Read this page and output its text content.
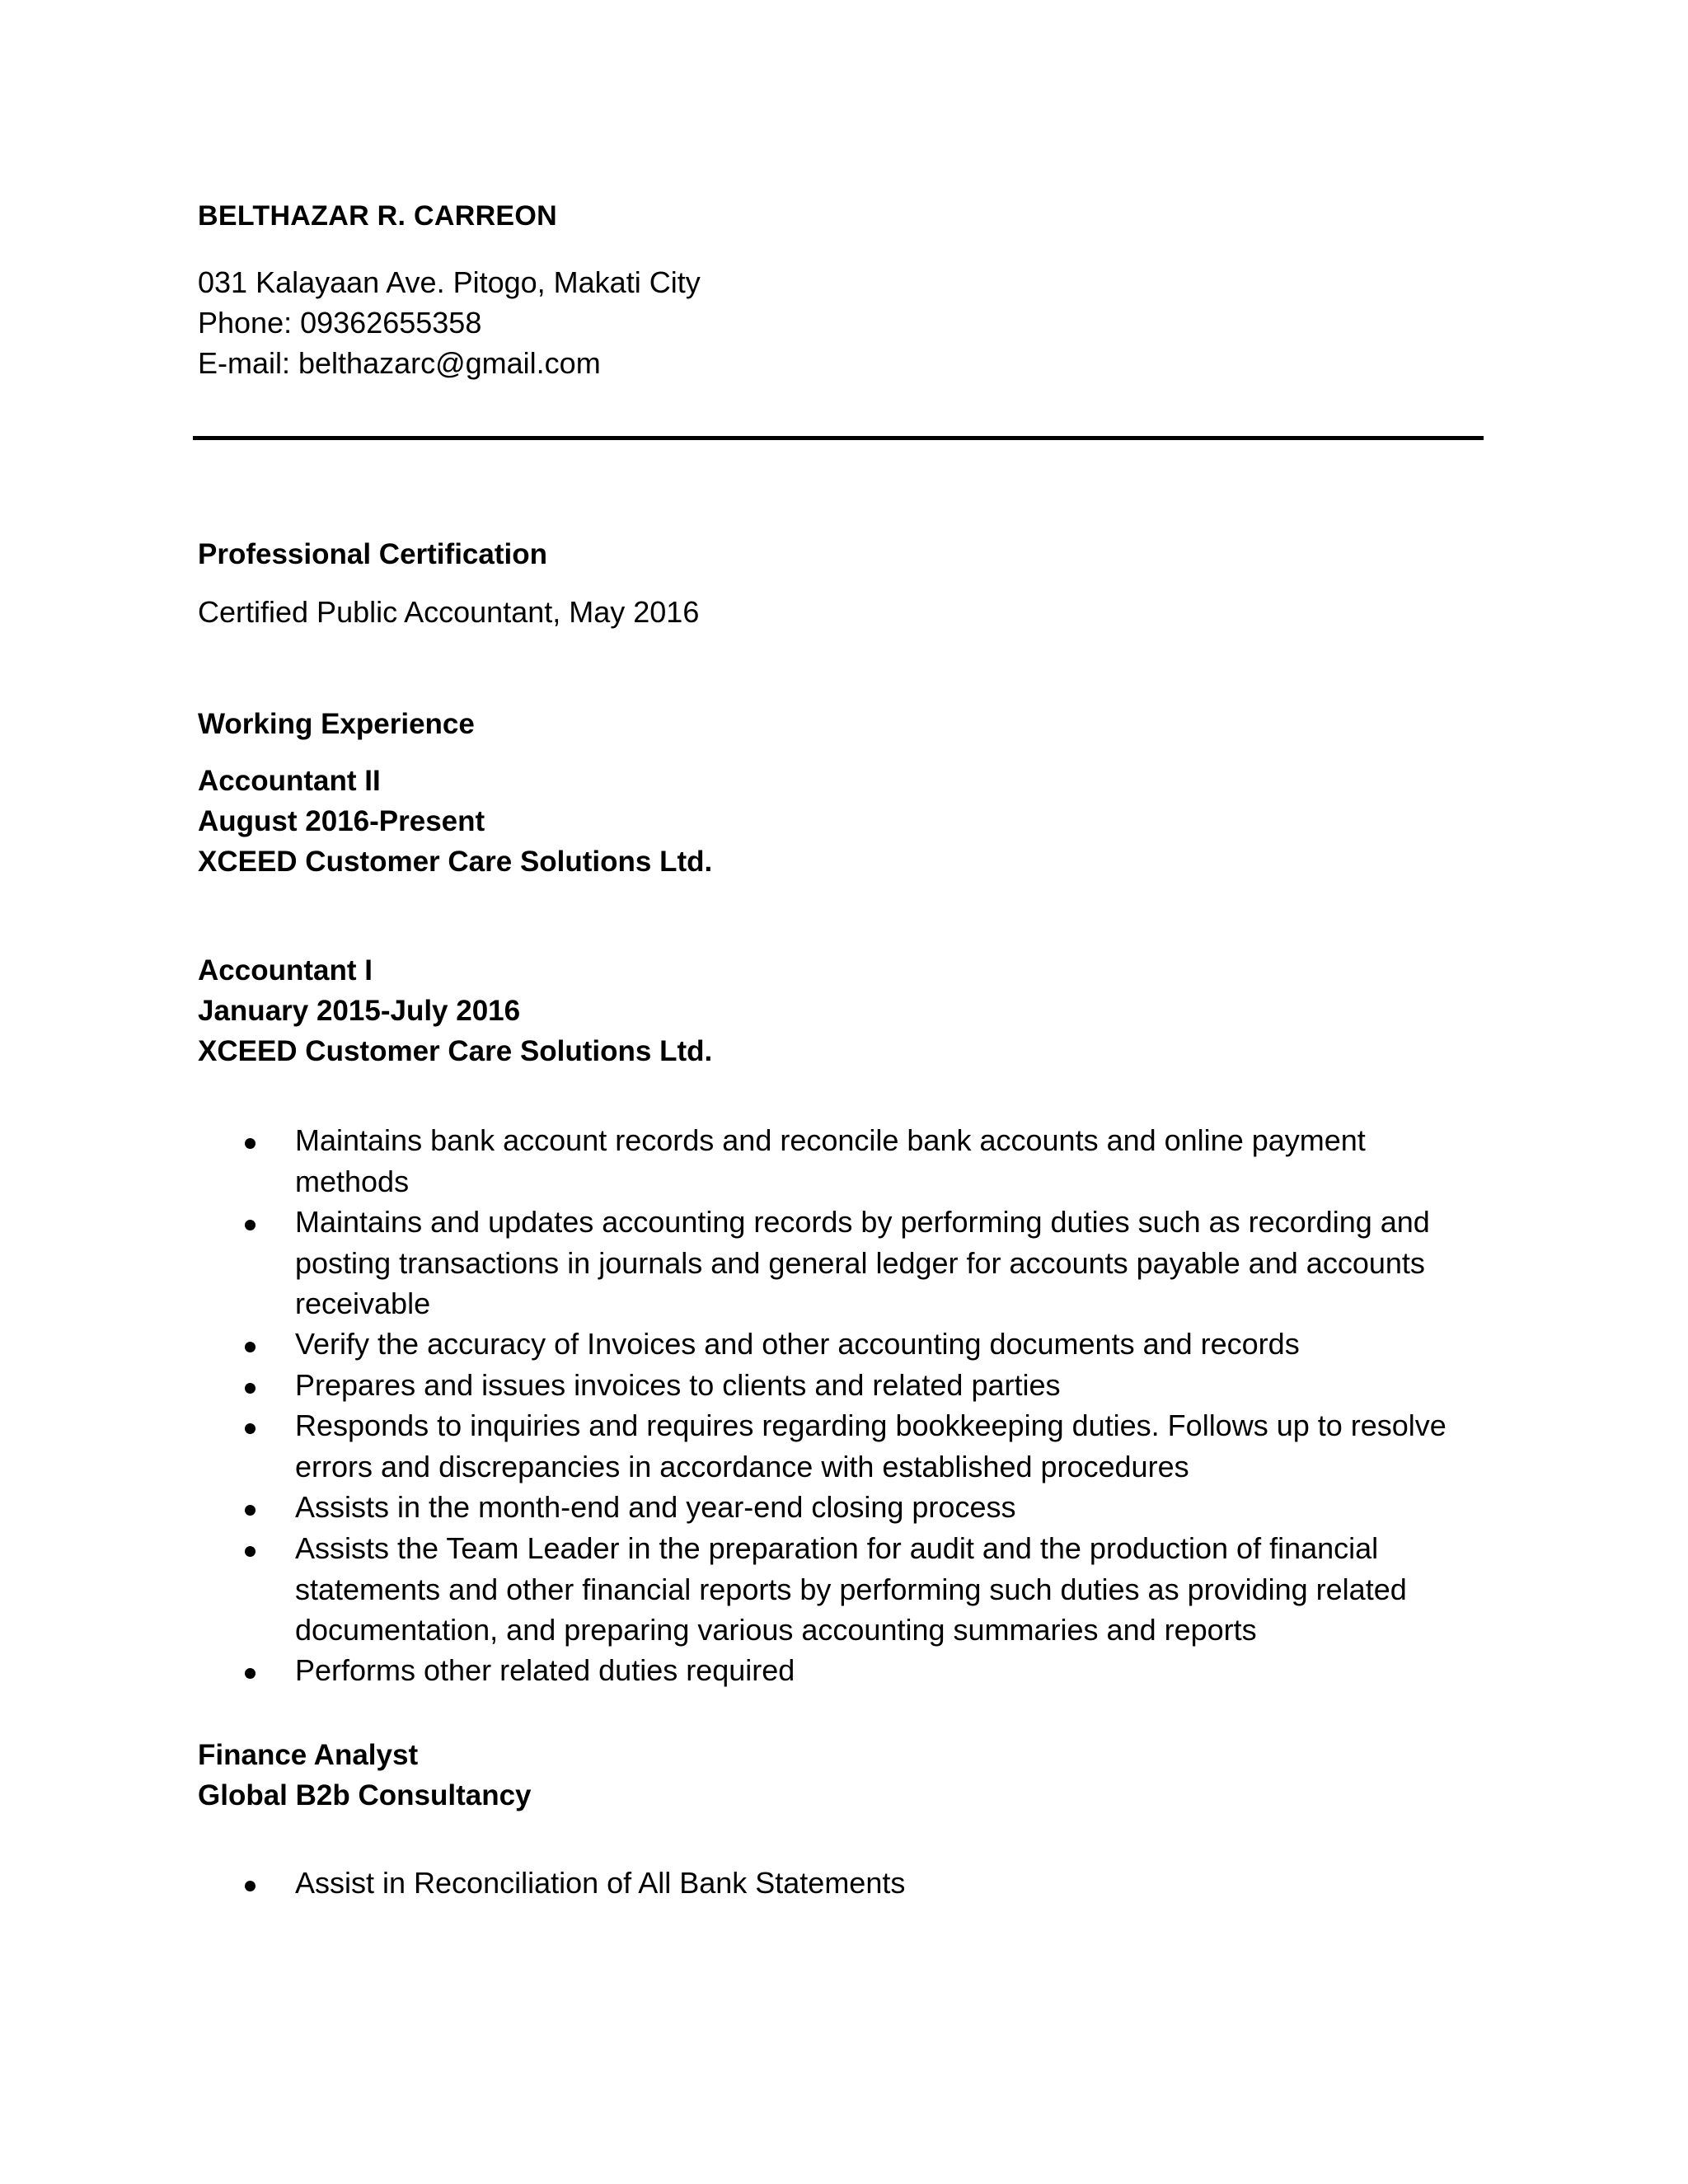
BELTHAZAR R. CARREON
031 Kalayaan Ave. Pitogo, Makati City
Phone: 09362655358
E-mail: belthazarc@gmail.com
Professional Certification
Certified Public Accountant, May 2016
Working Experience
Accountant II
August 2016-Present
XCEED Customer Care Solutions Ltd.
Accountant I
January 2015-July 2016
XCEED Customer Care Solutions Ltd.
Maintains bank account records and reconcile bank accounts and online payment methods
Maintains and updates accounting records by performing duties such as recording and posting transactions in journals and general ledger for accounts payable and accounts receivable
Verify the accuracy of Invoices and other accounting documents and records
Prepares and issues invoices to clients and related parties
Responds to inquiries and requires regarding bookkeeping duties. Follows up to resolve errors and discrepancies in accordance with established procedures
Assists in the month-end and year-end closing process
Assists the Team Leader in the preparation for audit and the production of financial statements and other financial reports by performing such duties as providing related documentation, and preparing various accounting summaries and reports
Performs other related duties required
Finance Analyst
Global B2b Consultancy
Assist in Reconciliation of All Bank Statements
